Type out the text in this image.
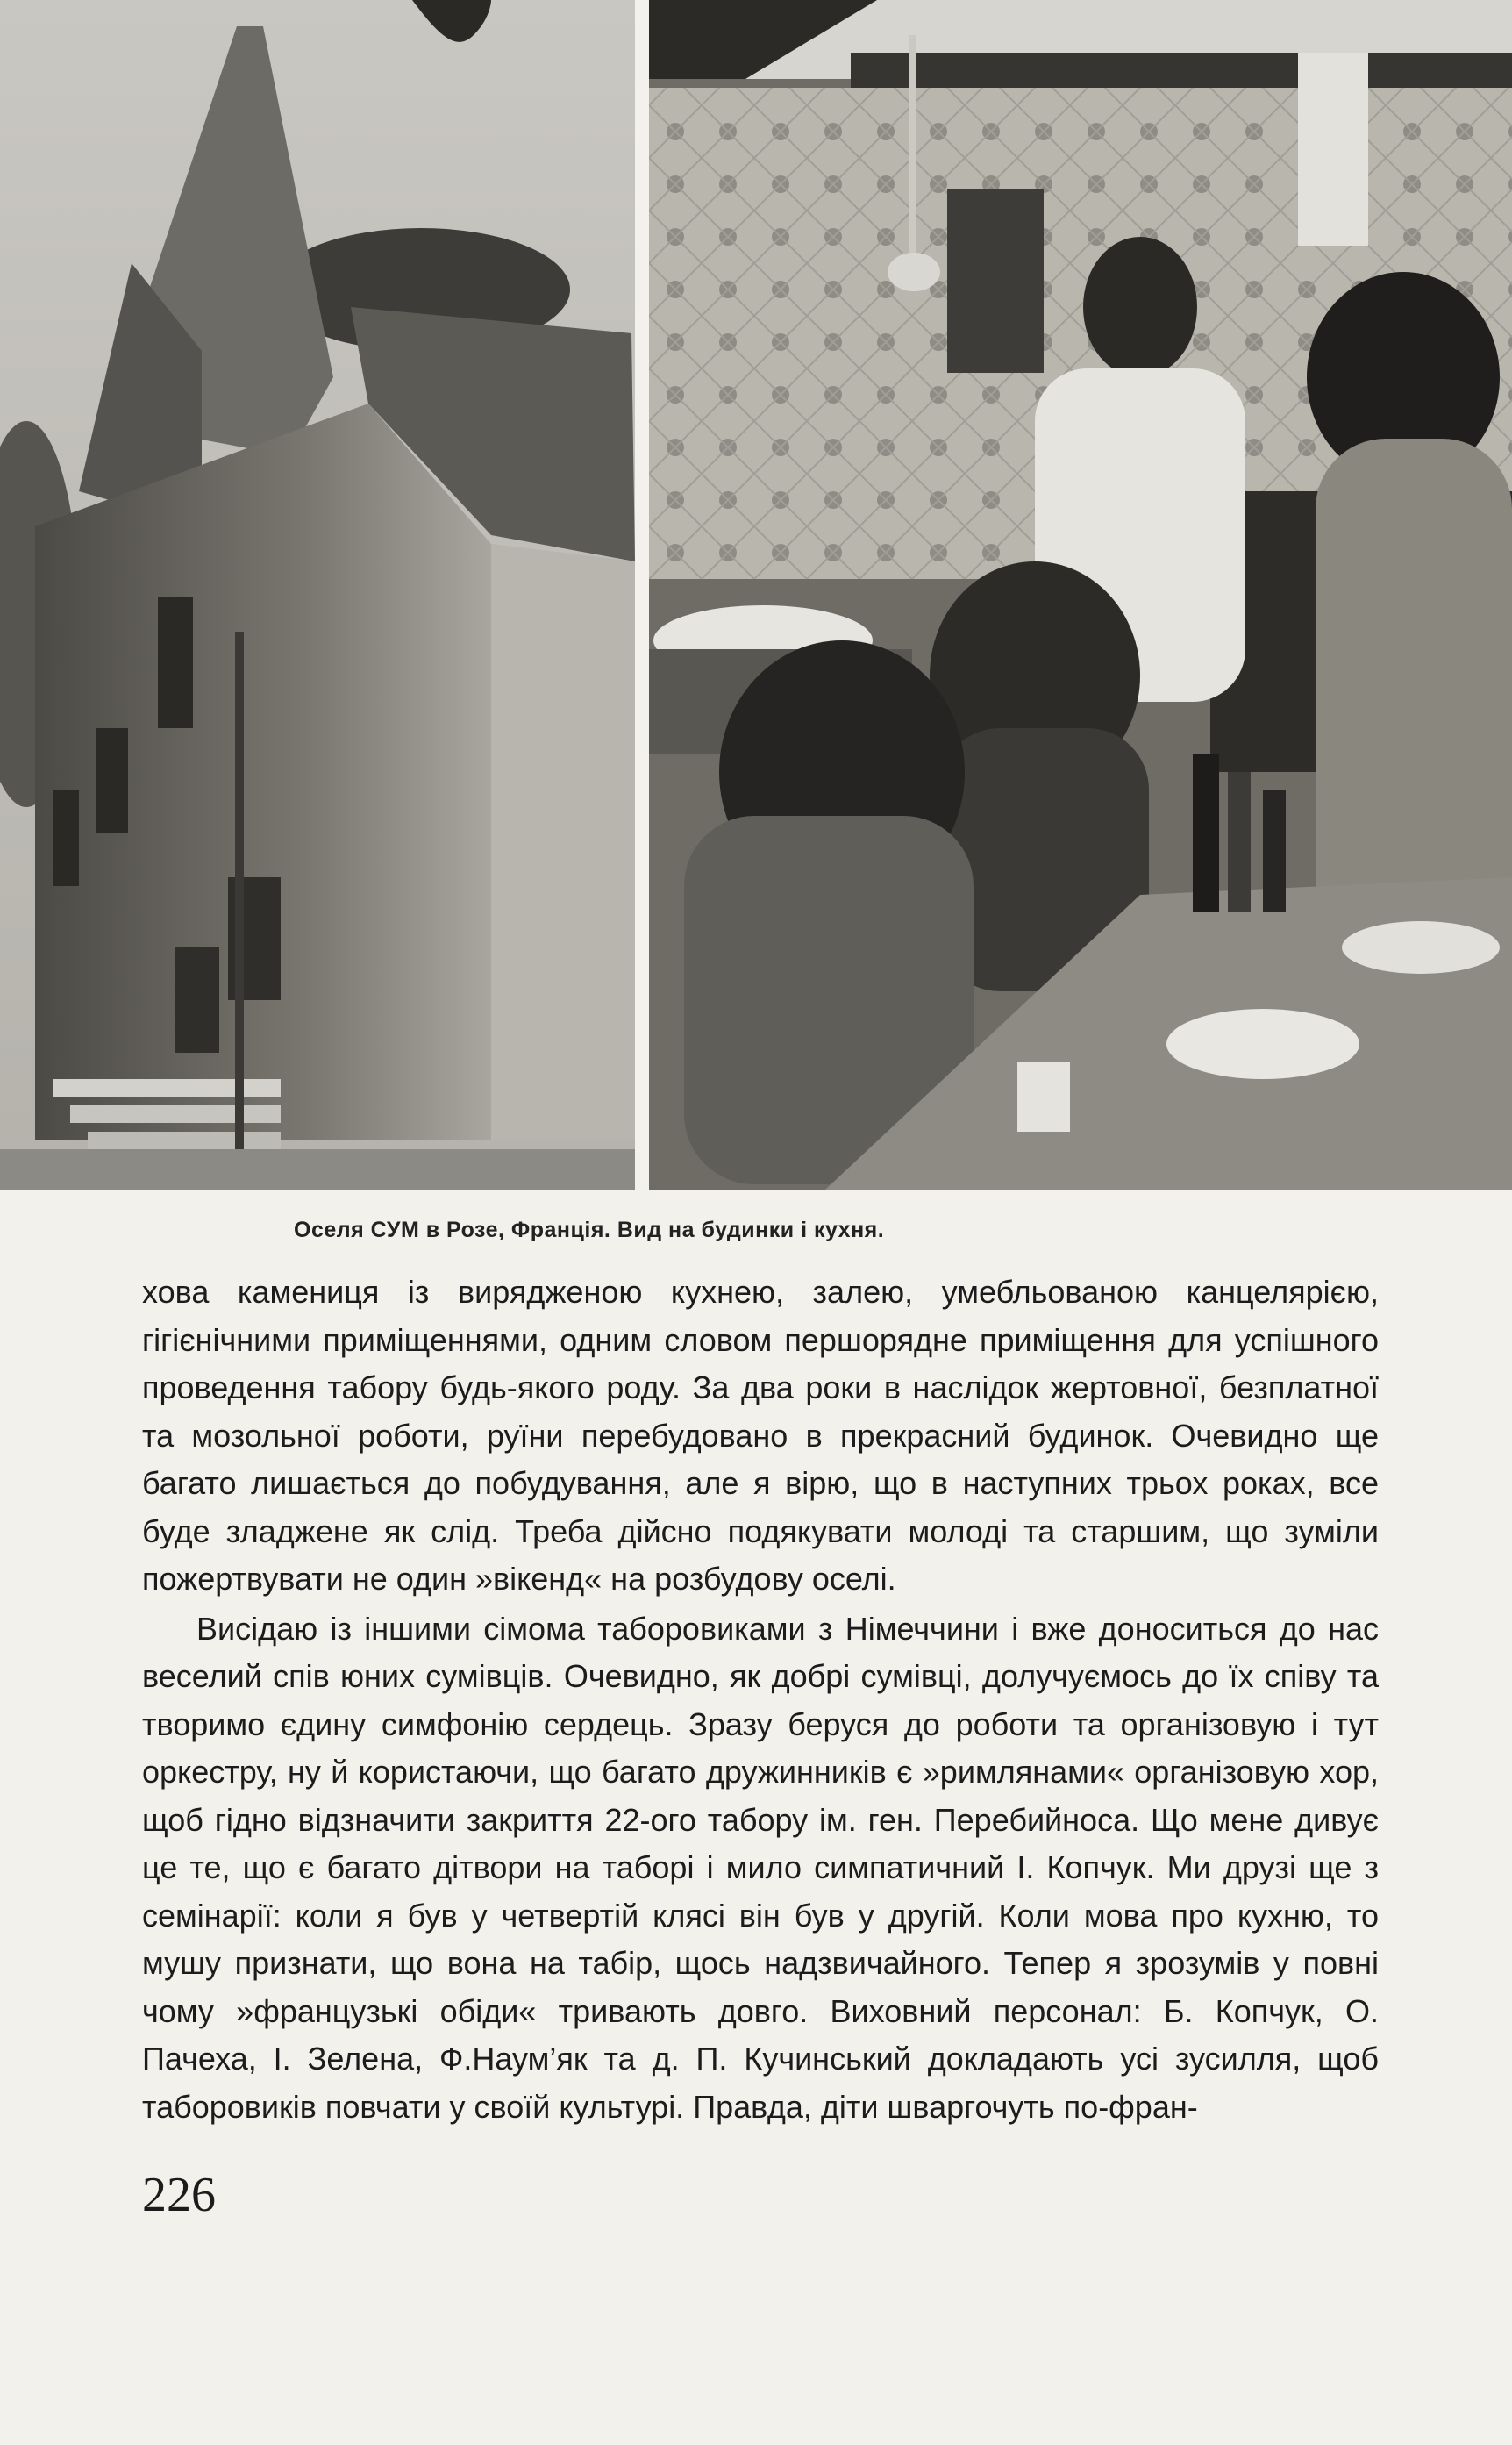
Оселя СУМ в Розе, Франція. Вид на будинки і кухня.

хова камениця із вирядженою кухнею, залею, умебльованою канцелярією, гігієнічними приміщеннями, одним словом першорядне приміщення для успішного проведення табору будь-якого роду. За два роки в наслідок жертовної, безплатної та мозольної роботи, руїни перебудовано в прекрасний будинок. Очевидно ще багато лишається до побудування, але я вірю, що в наступних трьох роках, все буде зладжене як слід. Треба дійсно подякувати молоді та старшим, що зуміли пожертвувати не один »вікенд« на розбудову оселі.

Висідаю із іншими сімома таборовиками з Німеччини і вже доноситься до нас веселий спів юних сумівців. Очевидно, як добрі сумівці, долучуємось до їх співу та творимо єдину симфонію сердець. Зразу беруся до роботи та організовую і тут оркестру, ну й користаючи, що багато дружинників є »римлянами« організовую хор, щоб гідно відзначити закриття 22-ого табору ім. ген. Перебийноса. Що мене дивує це те, що є багато дітвори на таборі і мило симпатичний І. Копчук. Ми друзі ще з семінарії: коли я був у четвертій клясі він був у другій. Коли мова про кухню, то мушу признати, що вона на табір, щось надзвичайного. Тепер я зрозумів у повні чому »французькі обіди« тривають довго. Виховний персонал: Б. Копчук, О. Пачеха, І. Зелена, Ф.Наум’як та д. П. Кучинський докладають усі зусилля, щоб таборовиків повчати у своїй культурі. Правда, діти шваргочуть по-фран-

226
